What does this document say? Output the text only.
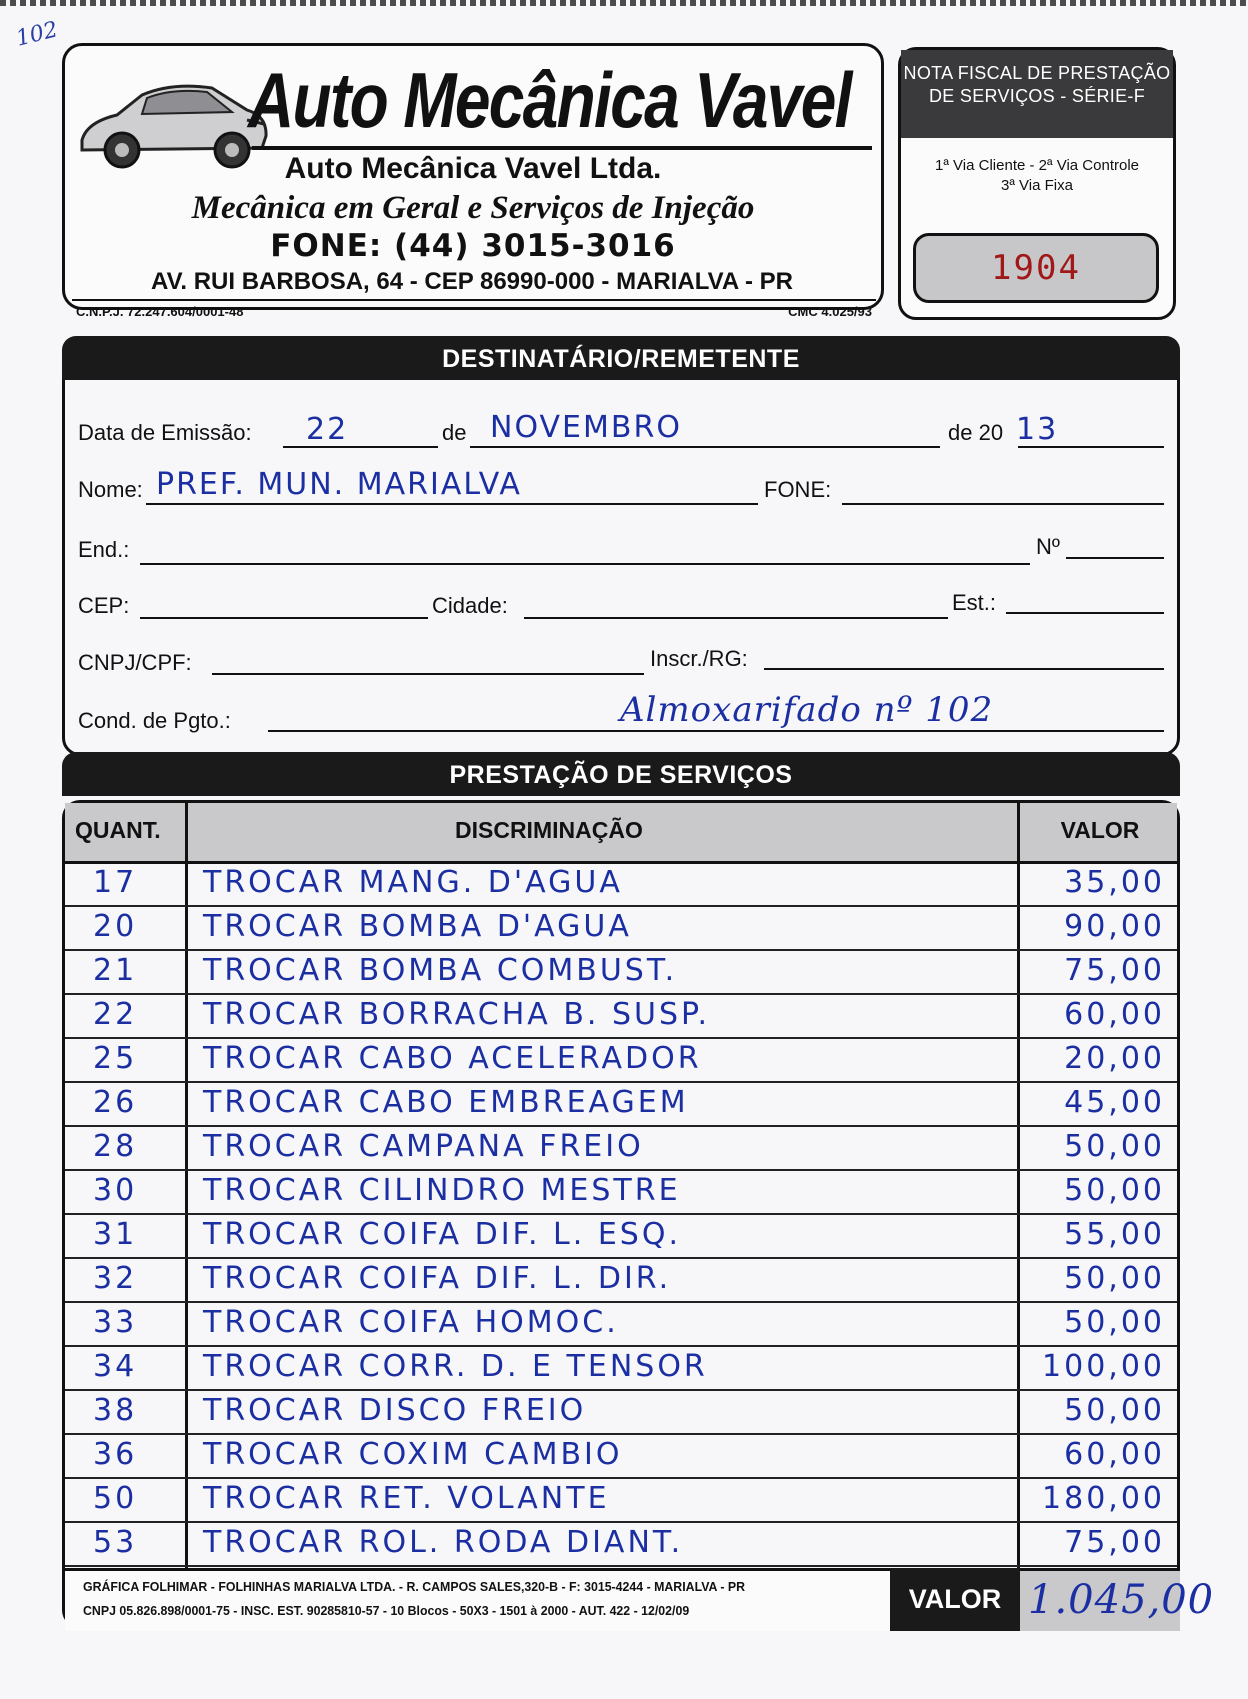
102
Auto Mecânica Vavel
Auto Mecânica Vavel Ltda.
Mecânica em Geral e Serviços de Injeção
FONE: (44) 3015-3016
AV. RUI BARBOSA, 64 - CEP 86990-000 - MARIALVA - PR
C.N.P.J. 72.247.604/0001-48	CMC 4.025/93
NOTA FISCAL DE PRESTAÇÃO
DE SERVIÇOS - SÉRIE-F
1ª Via Cliente - 2ª Via Controle
3ª Via Fixa
1904
DESTINATÁRIO/REMETENTE
Data de Emissão: 22	de NOVEMBRO	de 20 13
Nome: PREF. MUN. MARIALVA	FONE:
End.:	Nº
CEP:	Cidade:	Est.:
CNPJ/CPF:	Inscr./RG:
Cond. de Pgto.:	Almoxarifado nº 102
PRESTAÇÃO DE SERVIÇOS
QUANT.	DISCRIMINAÇÃO	VALOR
17 TROCAR MANG. D'AGUA	35,00
20 TROCAR BOMBA D'AGUA	90,00
21 TROCAR BOMBA COMBUST.	75,00
22 TROCAR BORRACHA B. SUSP.	60,00
25 TROCAR CABO ACELERADOR	20,00
26 TROCAR CABO EMBREAGEM	45,00
28 TROCAR CAMPANA FREIO	50,00
30 TROCAR CILINDRO MESTRE	50,00
31 TROCAR COIFA DIF. L. ESQ.	55,00
32 TROCAR COIFA DIF. L. DIR.	50,00
33 TROCAR COIFA HOMOC.	50,00
34 TROCAR CORR. D. E TENSOR	100,00
38 TROCAR DISCO FREIO	50,00
36 TROCAR COXIM CAMBIO	60,00
50 TROCAR RET. VOLANTE	180,00
53 TROCAR ROL. RODA DIANT.	75,00
GRÁFICA FOLHIMAR - FOLHINHAS MARIALVA LTDA. - R. CAMPOS SALES,320-B - F: 3015-4244 - MARIALVA - PR
CNPJ 05.826.898/0001-75 - INSC. EST. 90285810-57 - 10 Blocos - 50X3 - 1501 à 2000 - AUT. 422 - 12/02/09	VALOR 1.045,00
